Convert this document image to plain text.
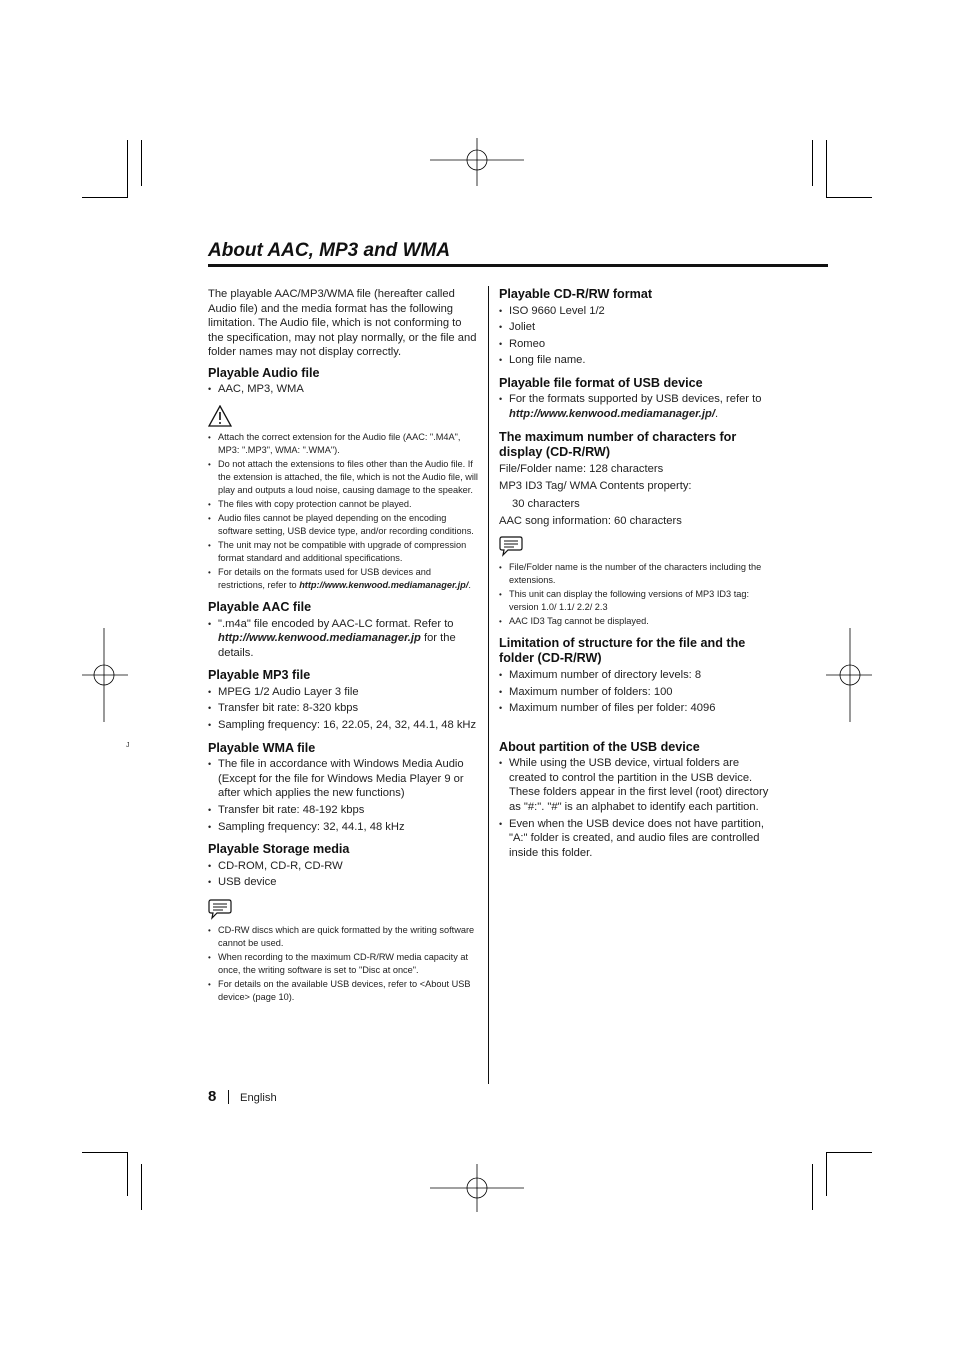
About AAC, MP3 and WMA
J

The playable AAC/MP3/WMA file (hereafter called Audio file) and the media format has the following limitation. The Audio file, which is not conforming to the specification, may not play normally, or the file and folder names may not display correctly.

Playable Audio file
• AAC, MP3, WMA
• Attach the correct extension for the Audio file (AAC: ".M4A", MP3: ".MP3", WMA: ".WMA").
• Do not attach the extensions to files other than the Audio file. If the extension is attached, the file, which is not the Audio file, will play and outputs a loud noise, causing damage to the speaker.
• The files with copy protection cannot be played.
• Audio files cannot be played depending on the encoding software setting, USB device type, and/or recording conditions.
• The unit may not be compatible with upgrade of compression format standard and additional specifications.
• For details on the formats used for USB devices and restrictions, refer to http://www.kenwood.mediamanager.jp/.
Playable AAC file
• ".m4a" file encoded by AAC-LC format. Refer to http://www.kenwood.mediamanager.jp for the details.
Playable MP3 file
• MPEG 1/2 Audio Layer 3 file
• Transfer bit rate: 8-320 kbps
• Sampling frequency: 16, 22.05, 24, 32, 44.1, 48 kHz
Playable WMA file
• The file in accordance with Windows Media Audio (Except for the file for Windows Media Player 9 or after which applies the new functions)
• Transfer bit rate: 48-192 kbps
• Sampling frequency: 32, 44.1, 48 kHz
Playable Storage media
• CD-ROM, CD-R, CD-RW
• USB device
• CD-RW discs which are quick formatted by the writing software cannot be used.
• When recording to the maximum CD-R/RW media capacity at once, the writing software is set to "Disc at once".
• For details on the available USB devices, refer to <About USB device> (page 10).
Playable CD-R/RW format
• ISO 9660 Level 1/2
• Joliet
• Romeo
• Long file name.
Playable file format of USB device
• For the formats supported by USB devices, refer to http://www.kenwood.mediamanager.jp/.
The maximum number of characters for display (CD-R/RW)

File/Folder name: 128 characters

MP3 ID3 Tag/ WMA Contents property:

30 characters

AAC song information: 60 characters

• File/Folder name is the number of the characters including the extensions.
• This unit can display the following versions of MP3 ID3 tag: version 1.0/ 1.1/ 2.2/ 2.3
• AAC ID3 Tag cannot be displayed.
Limitation of structure for the file and the folder (CD-R/RW)
• Maximum number of directory levels: 8
• Maximum number of folders: 100
• Maximum number of files per folder: 4096
About partition of the USB device
• While using the USB device, virtual folders are created to control the partition in the USB device. These folders appear in the first level (root) directory as "#:". "#" is an alphabet to identify each partition.
• Even when the USB device does not have partition, "A:" folder is created, and audio files are controlled inside this folder.
8 English
